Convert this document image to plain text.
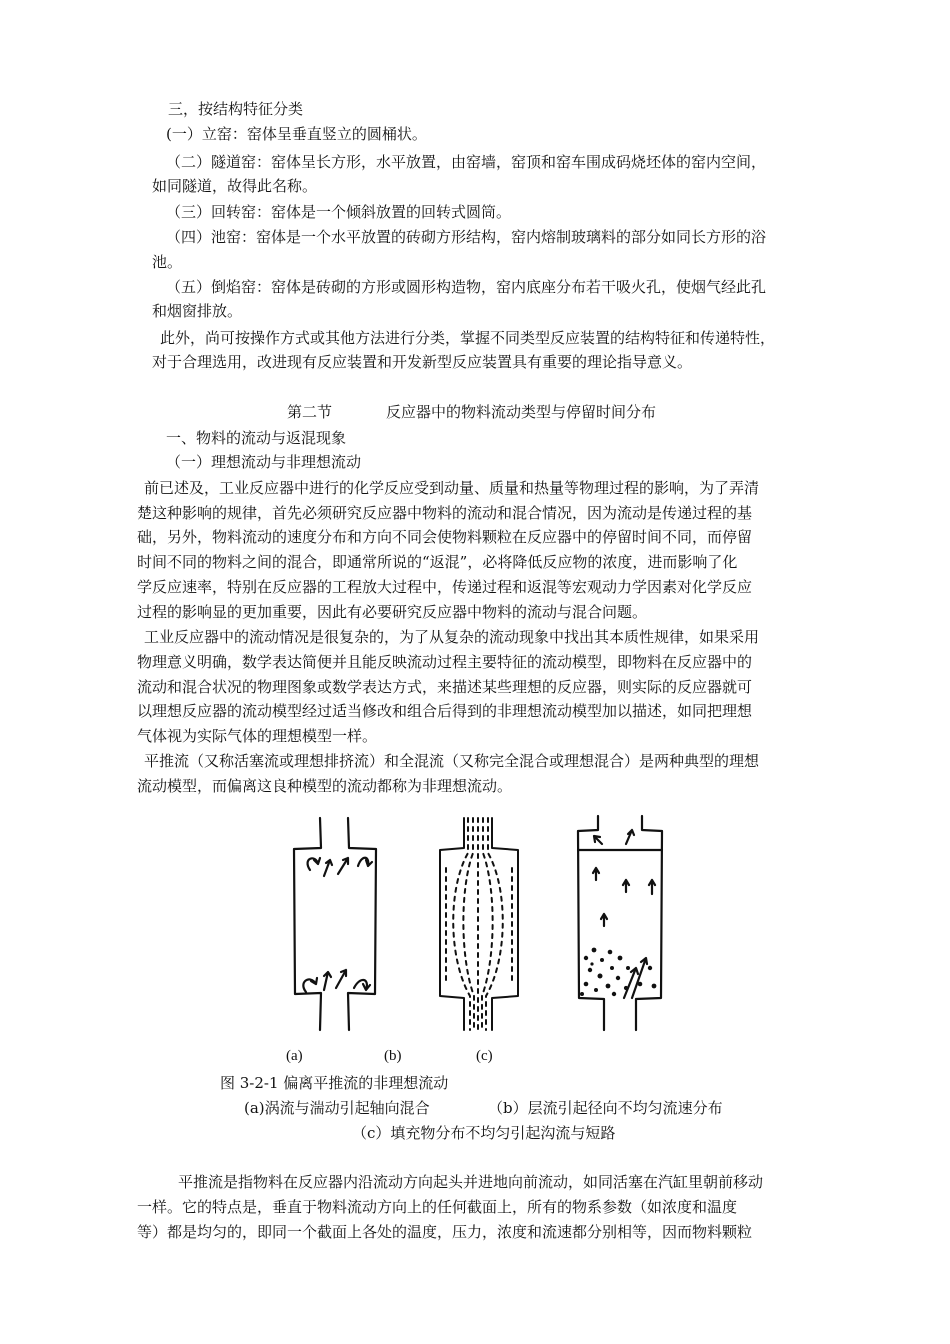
三，按结构特征分类
(一）立窑：窑体呈垂直竖立的圆桶状。
（二）隧道窑：窑体呈长方形，水平放置，由窑墙，窑顶和窑车围成码烧坯体的窑内空间，
如同隧道，故得此名称。
（三）回转窑：窑体是一个倾斜放置的回转式圆筒。
（四）池窑：窑体是一个水平放置的砖砌方形结构，窑内熔制玻璃料的部分如同长方形的浴
池。
（五）倒焰窑：窑体是砖砌的方形或圆形构造物，窑内底座分布若干吸火孔，使烟气经此孔
和烟窗排放。
此外，尚可按操作方式或其他方法进行分类，掌握不同类型反应装置的结构特征和传递特性，
对于合理选用，改进现有反应装置和开发新型反应装置具有重要的理论指导意义。
第二节	反应器中的物料流动类型与停留时间分布
一、物料的流动与返混现象
（一）理想流动与非理想流动
前已述及，工业反应器中进行的化学反应受到动量、质量和热量等物理过程的影响，为了弄清
楚这种影响的规律，首先必须研究反应器中物料的流动和混合情况，因为流动是传递过程的基
础，另外，物料流动的速度分布和方向不同会使物料颗粒在反应器中的停留时间不同，而停留
时间不同的物料之间的混合，即通常所说的“返混”，必将降低反应物的浓度，进而影响了化
学反应速率，特别在反应器的工程放大过程中，传递过程和返混等宏观动力学因素对化学反应
过程的影响显的更加重要，因此有必要研究反应器中物料的流动与混合问题。
工业反应器中的流动情况是很复杂的，为了从复杂的流动现象中找出其本质性规律，如果采用
物理意义明确，数学表达简便并且能反映流动过程主要特征的流动模型，即物料在反应器中的
流动和混合状况的物理图象或数学表达方式，来描述某些理想的反应器，则实际的反应器就可
以理想反应器的流动模型经过适当修改和组合后得到的非理想流动模型加以描述，如同把理想
气体视为实际气体的理想模型一样。
平推流（又称活塞流或理想排挤流）和全混流（又称完全混合或理想混合）是两种典型的理想
流动模型，而偏离这良种模型的流动都称为非理想流动。
(a)	(b)	(c)
图 3-2-1 偏离平推流的非理想流动
(a)涡流与湍动引起轴向混合	（b）层流引起径向不均匀流速分布
（c）填充物分布不均匀引起沟流与短路
平推流是指物料在反应器内沿流动方向起头并进地向前流动，如同活塞在汽缸里朝前移动
一样。它的特点是，垂直于物料流动方向上的任何截面上，所有的物系参数（如浓度和温度
等）都是均匀的，即同一个截面上各处的温度，压力，浓度和流速都分别相等，因而物料颗粒
